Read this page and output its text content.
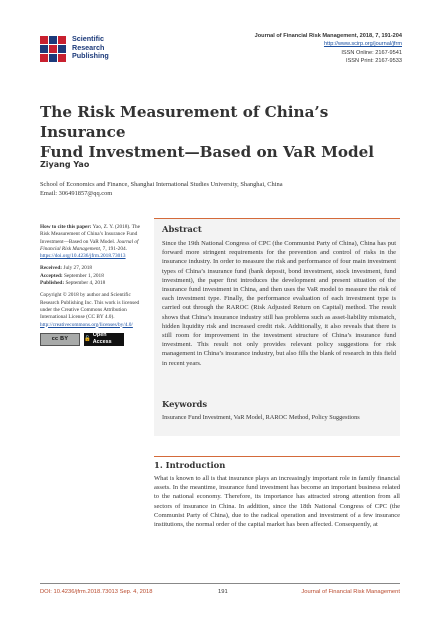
Scientific
Research
Publishing
Journal of Financial Risk Management, 2018, 7, 191-204
http://www.scirp.org/journal/jfrm
ISSN Online: 2167-9541
ISSN Print: 2167-9533
The Risk Measurement of China’s Insurance
Fund Investment—Based on VaR Model
Ziyang Yao
School of Economics and Finance, Shanghai International Studies University, Shanghai, China
Email: 306491857@qq.com
How to cite this paper: Yao, Z. Y. (2018). The Risk Measurement of China’s Insurance Fund Investment—Based on VaR Model. Journal of Financial Risk Management, 7, 191-204.
https://doi.org/10.4236/jfrm.2018.73013
Received: July 27, 2018
Accepted: September 1, 2018
Published: September 4, 2018
Copyright © 2018 by author and Scientific Research Publishing Inc. This work is licensed under the Creative Commons Attribution International License (CC BY 4.0).
http://creativecommons.org/licenses/by/4.0/
cc BY	🔓
Open Access
Abstract
Since the 19th National Congress of CPC (the Communist Party of China), China has put forward more stringent requirements for the prevention and control of risks in the insurance industry. In order to measure the risk and performance of four main investment types of China’s insurance fund (bank deposit, bond investment, stock investment, fund investment), the paper first introduces the development and present situation of the insurance fund investment in China, and then uses the VaR model to measure the risk of each investment type. Finally, the performance evaluation of each investment type is carried out through the RAROC (Risk Adjusted Return on Capital) method. The result shows that China’s insurance industry still has problems such as asset-liability mismatch, hidden liquidity risk and increased credit risk. Additionally, it also reveals that there is still room for improvement in the investment structure of China’s insurance fund investment. This result not only provides relevant policy suggestions for risk management in China’s insurance industry, but also fills the blank of research in this field in recent years.
Keywords
Insurance Fund Investment, VaR Model, RAROC Method, Policy Suggestions
1. Introduction
What is known to all is that insurance plays an increasingly important role in family financial assets. In the meantime, insurance fund investment has become an important business related to the national economy. Therefore, its importance has attracted strong attention from all sectors of insurance in China. In addition, since the 18th National Congress of CPC (the Communist Party of China), due to the radical operation and investment of a few insurance institutions, the normal order of the capital market has been affected. Consequently, at
DOI: 10.4236/jfrm.2018.73013 Sep. 4, 2018	191	Journal of Financial Risk Management
